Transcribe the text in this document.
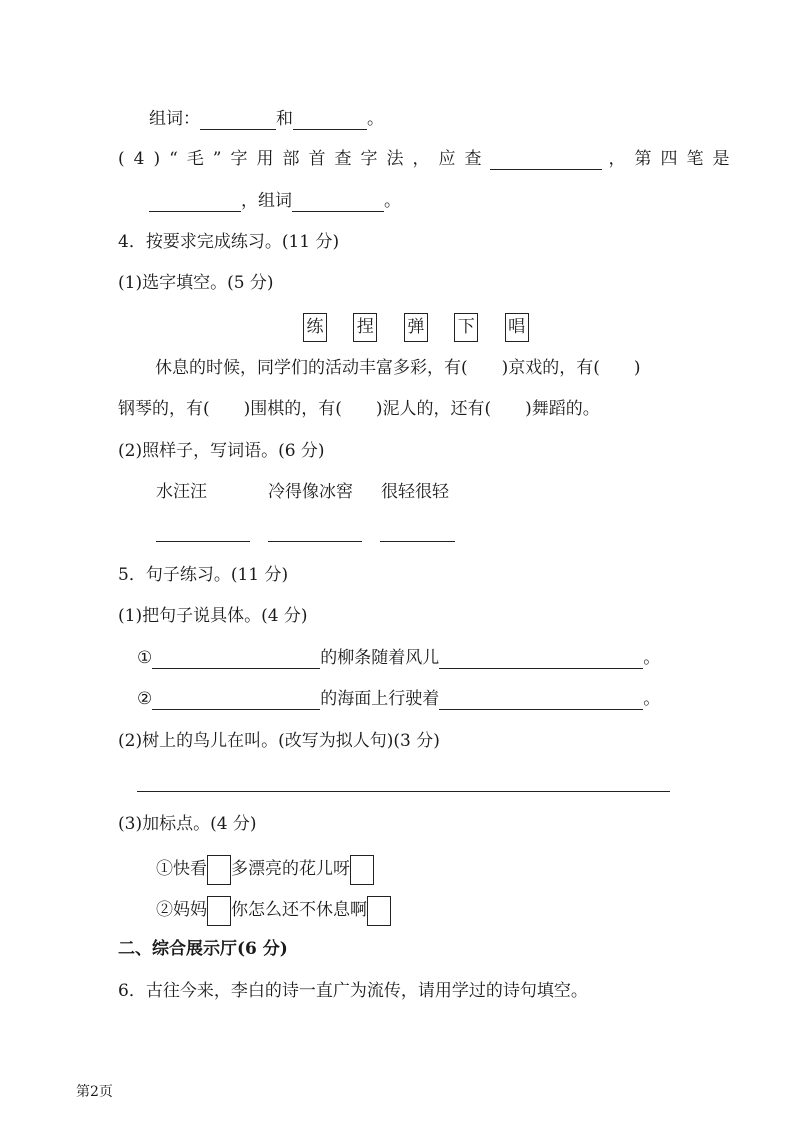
组词：	和	。
(4)“毛”字用部首查字法，应查	，第四笔是
，组词	。
4．按要求完成练习。(11 分)
(1)选字填空。(5 分)
练 捏 弹 下 唱
休息的时候，同学们的活动丰富多彩，有(　　)京戏的，有(　　)
钢琴的，有(　　)围棋的，有(　　)泥人的，还有(　　)舞蹈的。
(2)照样子，写词语。(6 分)
水汪汪	冷得像冰窖 很轻很轻
5．句子练习。(11 分)
(1)把句子说具体。(4 分)
①	的柳条随着风儿	。
②	的海面上行驶着	。
(2)树上的鸟儿在叫。(改写为拟人句)(3 分)
(3)加标点。(4 分)
①快看 多漂亮的花儿呀
②妈妈 你怎么还不休息啊
二、综合展示厅(6 分)
6．古往今来，李白的诗一直广为流传，请用学过的诗句填空。
第2页
